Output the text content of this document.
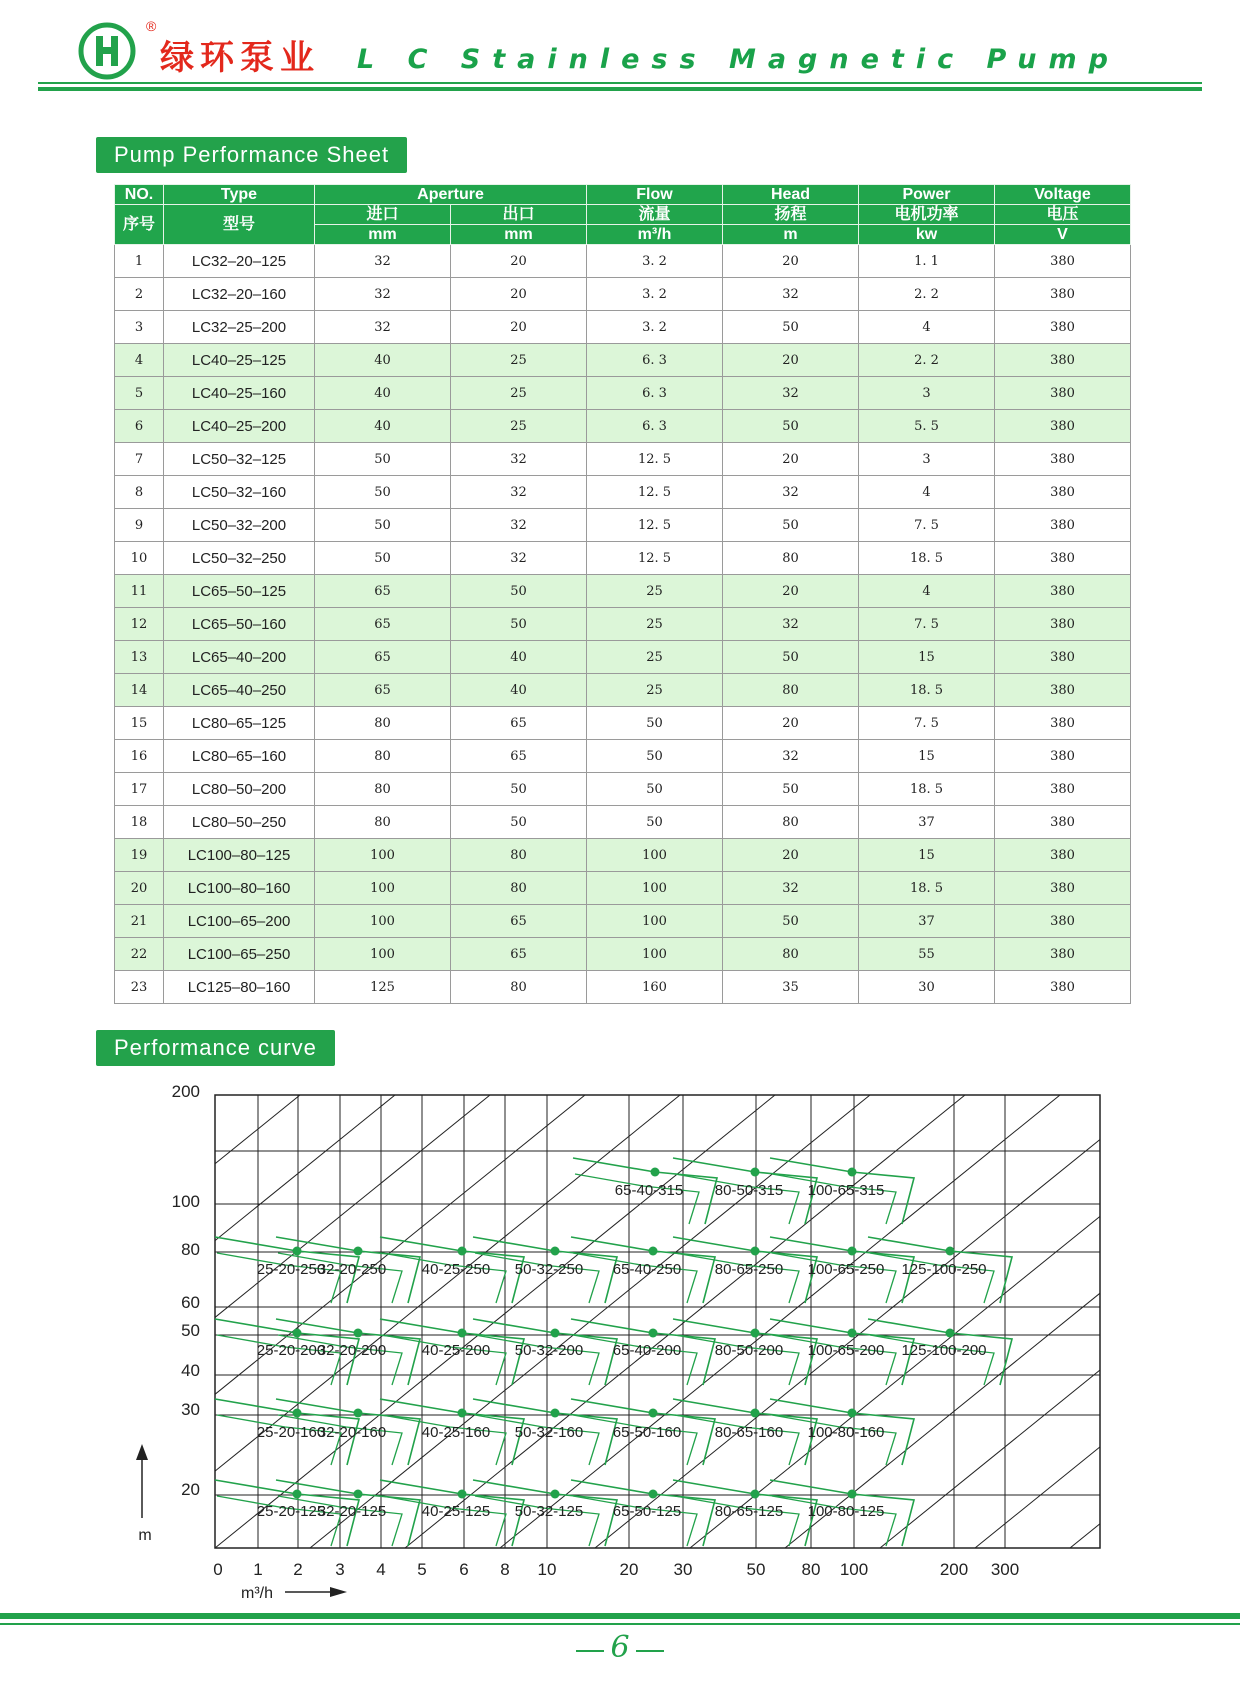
®
绿环泵业 L C Stainless Magnetic Pump
Pump Performance Sheet
NO.	Type	Aperture		Flow	Head	Power	Voltage
序号	型号	进口	出口	流量	扬程	电机功率	电压
		mm	mm	m³/h	m	kw	V
1	LC32–20–125	32	20	3. 2	20	1. 1	380
2	LC32–20–160	32	20	3. 2	32	2. 2	380
3	LC32–25–200	32	20	3. 2	50	4	380
4	LC40–25–125	40	25	6. 3	20	2. 2	380
5	LC40–25–160	40	25	6. 3	32	3	380
6	LC40–25–200	40	25	6. 3	50	5. 5	380
7	LC50–32–125	50	32	12. 5	20	3	380
8	LC50–32–160	50	32	12. 5	32	4	380
9	LC50–32–200	50	32	12. 5	50	7. 5	380
10	LC50–32–250	50	32	12. 5	80	18. 5	380
11	LC65–50–125	65	50	25	20	4	380
12	LC65–50–160	65	50	25	32	7. 5	380
13	LC65–40–200	65	40	25	50	15	380
14	LC65–40–250	65	40	25	80	18. 5	380
15	LC80–65–125	80	65	50	20	7. 5	380
16	LC80–65–160	80	65	50	32	15	380
17	LC80–50–200	80	50	50	50	18. 5	380
18	LC80–50–250	80	50	50	80	37	380
19	LC100–80–125	100	80	100	20	15	380
20	LC100–80–160	100	80	100	32	18. 5	380
21	LC100–65–200	100	65	100	50	37	380
22	LC100–65–250	100	65	100	80	55	380
23	LC125–80–160	125	80	160	35	30	380
Performance curve
0 1 2 3 4 5 6 8 10	20 30	50 80 100	200 300
200
100
80
60
50
40
30
20
m
m³/h
25-20-125
32-20-125 40-25-125 50-32-125 65-50-125 80-65-125 100-80-125
25-20-160
32-20-160 40-25-160 50-32-160 65-50-160 80-65-160 100-80-160
25-20-200
32-20-200 40-25-200 50-32-200 65-40-200 80-50-200 100-65-200 125-100-200
25-20-250
32-20-250 40-25-250 50-32-250 65-40-250 80-65-250 100-65-250 125-100-250
65-40-315 80-50-315 100-65-315
6
